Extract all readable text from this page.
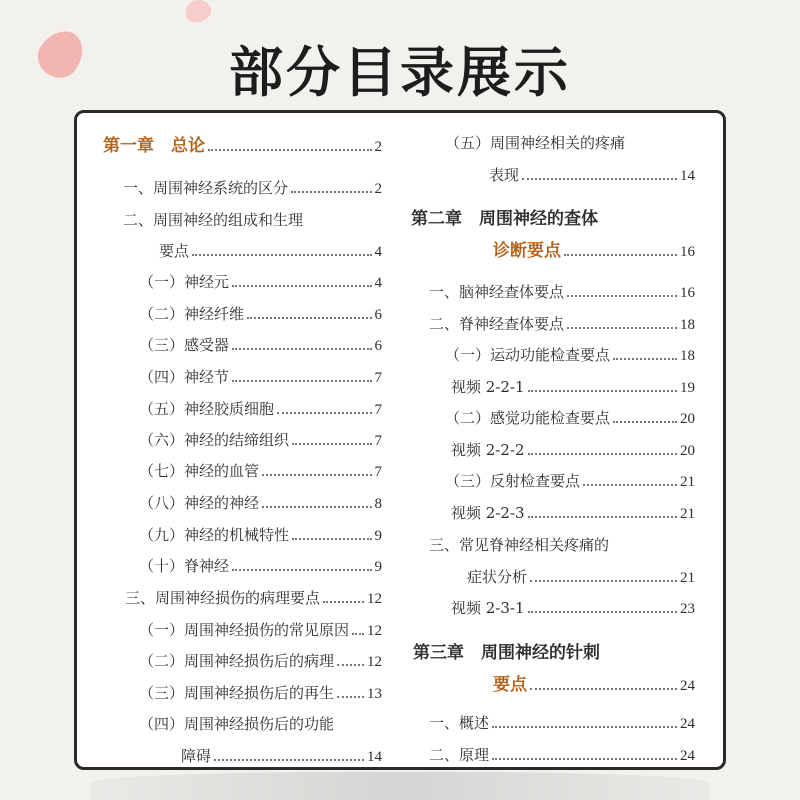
部分目录展示
第一章　总论	2
一、周围神经系统的区分	2
二、周围神经的组成和生理
要点	4
（一）神经元	4
（二）神经纤维	6
（三）感受器	6
（四）神经节	7
（五）神经胶质细胞	7
（六）神经的结缔组织	7
（七）神经的血管	7
（八）神经的神经	8
（九）神经的机械特性	9
（十）脊神经	9
三、周围神经损伤的病理要点	12
（一）周围神经损伤的常见原因 12
（二）周围神经损伤后的病理 12
（三）周围神经损伤后的再生 13
（四）周围神经损伤后的功能
障碍	14
（五）周围神经相关的疼痛
表现	14
第二章　周围神经的查体
诊断要点	16
一、脑神经查体要点	16
二、脊神经查体要点	18
（一）运动功能检查要点	18
视频 2-2-1	19
（二）感觉功能检查要点	20
视频 2-2-2	20
（三）反射检查要点	21
视频 2-2-3	21
三、常见脊神经相关疼痛的
症状分析	21
视频 2-3-1	23
第三章　周围神经的针刺
要点	24
一、概述	24
二、原理	24
